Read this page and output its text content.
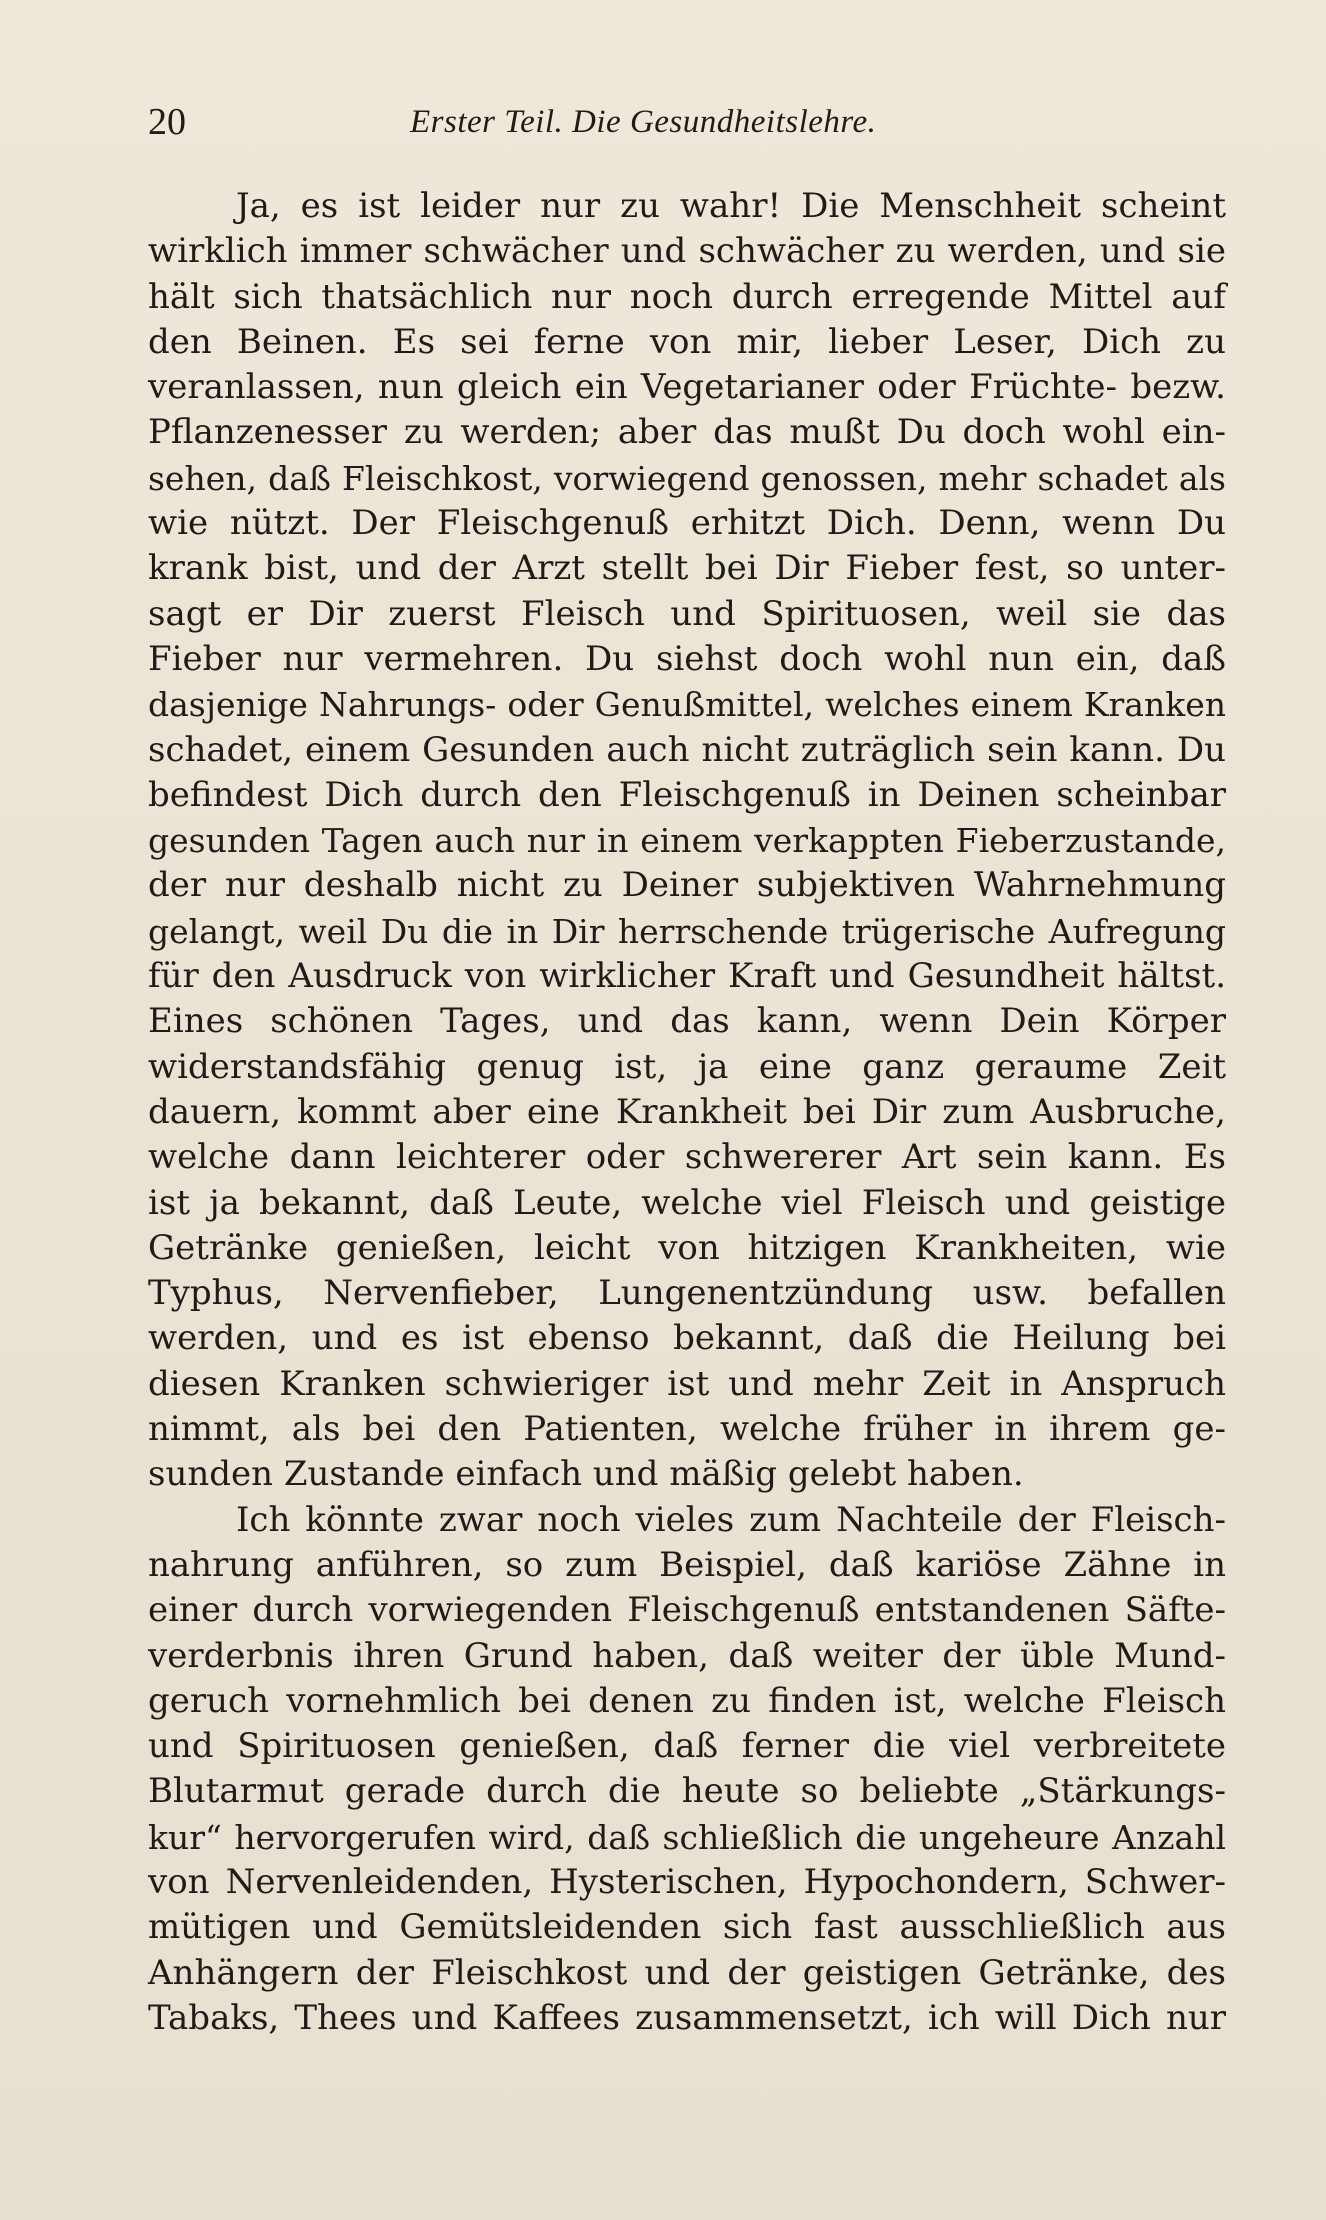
20	Erster Teil. Die Gesundheitslehre.
Ja, es ist leider nur zu wahr! Die Menschheit scheint
wirklich immer schwächer und schwächer zu werden, und sie
hält sich thatsächlich nur noch durch erregende Mittel auf
den Beinen. Es sei ferne von mir, lieber Leser, Dich zu
veranlassen, nun gleich ein Vegetarianer oder Früchte- bezw.
Pflanzenesser zu werden; aber das mußt Du doch wohl ein-
sehen, daß Fleischkost, vorwiegend genossen, mehr schadet als
wie nützt. Der Fleischgenuß erhitzt Dich. Denn, wenn Du
krank bist, und der Arzt stellt bei Dir Fieber fest, so unter-
sagt er Dir zuerst Fleisch und Spirituosen, weil sie das
Fieber nur vermehren. Du siehst doch wohl nun ein, daß
dasjenige Nahrungs- oder Genußmittel, welches einem Kranken
schadet, einem Gesunden auch nicht zuträglich sein kann. Du
befindest Dich durch den Fleischgenuß in Deinen scheinbar
gesunden Tagen auch nur in einem verkappten Fieberzustande,
der nur deshalb nicht zu Deiner subjektiven Wahrnehmung
gelangt, weil Du die in Dir herrschende trügerische Aufregung
für den Ausdruck von wirklicher Kraft und Gesundheit hältst.
Eines schönen Tages, und das kann, wenn Dein Körper
widerstandsfähig genug ist, ja eine ganz geraume Zeit
dauern, kommt aber eine Krankheit bei Dir zum Ausbruche,
welche dann leichterer oder schwererer Art sein kann. Es
ist ja bekannt, daß Leute, welche viel Fleisch und geistige
Getränke genießen, leicht von hitzigen Krankheiten, wie
Typhus, Nervenfieber, Lungenentzündung usw. befallen
werden, und es ist ebenso bekannt, daß die Heilung bei
diesen Kranken schwieriger ist und mehr Zeit in Anspruch
nimmt, als bei den Patienten, welche früher in ihrem ge-
sunden Zustande einfach und mäßig gelebt haben.
Ich könnte zwar noch vieles zum Nachteile der Fleisch-
nahrung anführen, so zum Beispiel, daß kariöse Zähne in
einer durch vorwiegenden Fleischgenuß entstandenen Säfte-
verderbnis ihren Grund haben, daß weiter der üble Mund-
geruch vornehmlich bei denen zu finden ist, welche Fleisch
und Spirituosen genießen, daß ferner die viel verbreitete
Blutarmut gerade durch die heute so beliebte „Stärkungs-
kur“ hervorgerufen wird, daß schließlich die ungeheure Anzahl
von Nervenleidenden, Hysterischen, Hypochondern, Schwer-
mütigen und Gemütsleidenden sich fast ausschließlich aus
Anhängern der Fleischkost und der geistigen Getränke, des
Tabaks, Thees und Kaffees zusammensetzt, ich will Dich nur
